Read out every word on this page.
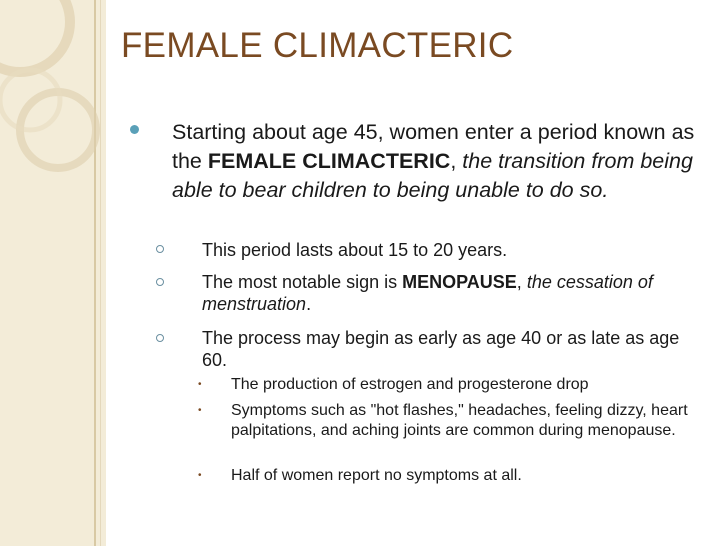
FEMALE CLIMACTERIC
Starting about age 45, women enter a period known as the FEMALE CLIMACTERIC, the transition from being able to bear children to being unable to do so.
This period lasts about 15 to 20 years.
The most notable sign is MENOPAUSE, the cessation of menstruation.
The process may begin as early as age 40 or as late as age 60.
• The production of estrogen and progesterone drop
• Symptoms such as "hot flashes," headaches, feeling dizzy, heart palpitations, and aching joints are common during menopause.
• Half of women report no symptoms at all.
